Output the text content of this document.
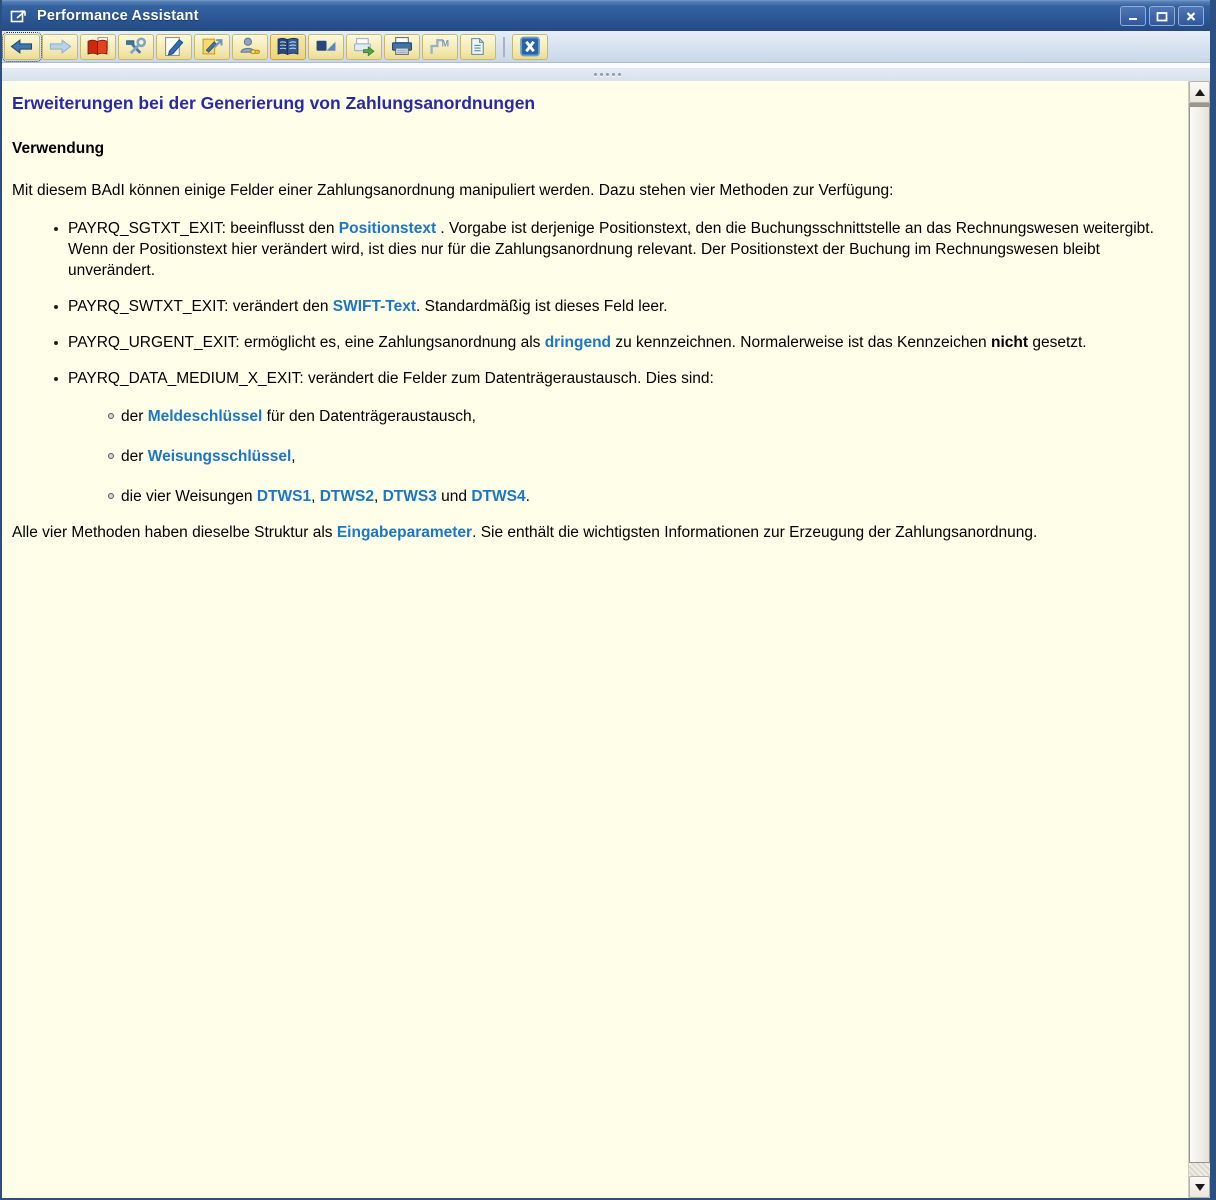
Performance Assistant
M
Erweiterungen bei der Generierung von Zahlungsanordnungen
Verwendung

Mit diesem BAdI können einige Felder einer Zahlungsanordnung manipuliert werden. Dazu stehen vier Methoden zur Verfügung:

PAYRQ_SGTXT_EXIT: beeinflusst den Positionstext . Vorgabe ist derjenige Positionstext, den die Buchungsschnittstelle an das Rechnungswesen weitergibt. Wenn der Positionstext hier verändert wird, ist dies nur für die Zahlungsanordnung relevant. Der Positionstext der Buchung im Rechnungswesen bleibt unverändert.
PAYRQ_SWTXT_EXIT: verändert den SWIFT-Text. Standardmäßig ist dieses Feld leer.
PAYRQ_URGENT_EXIT: ermöglicht es, eine Zahlungsanordnung als dringend zu kennzeichnen. Normalerweise ist das Kennzeichen nicht gesetzt.
PAYRQ_DATA_MEDIUM_X_EXIT: verändert die Felder zum Datenträgeraustausch. Dies sind:
der Meldeschlüssel für den Datenträgeraustausch,
der Weisungsschlüssel,
die vier Weisungen DTWS1, DTWS2, DTWS3 und DTWS4.

Alle vier Methoden haben dieselbe Struktur als Eingabeparameter. Sie enthält die wichtigsten Informationen zur Erzeugung der Zahlungsanordnung.
